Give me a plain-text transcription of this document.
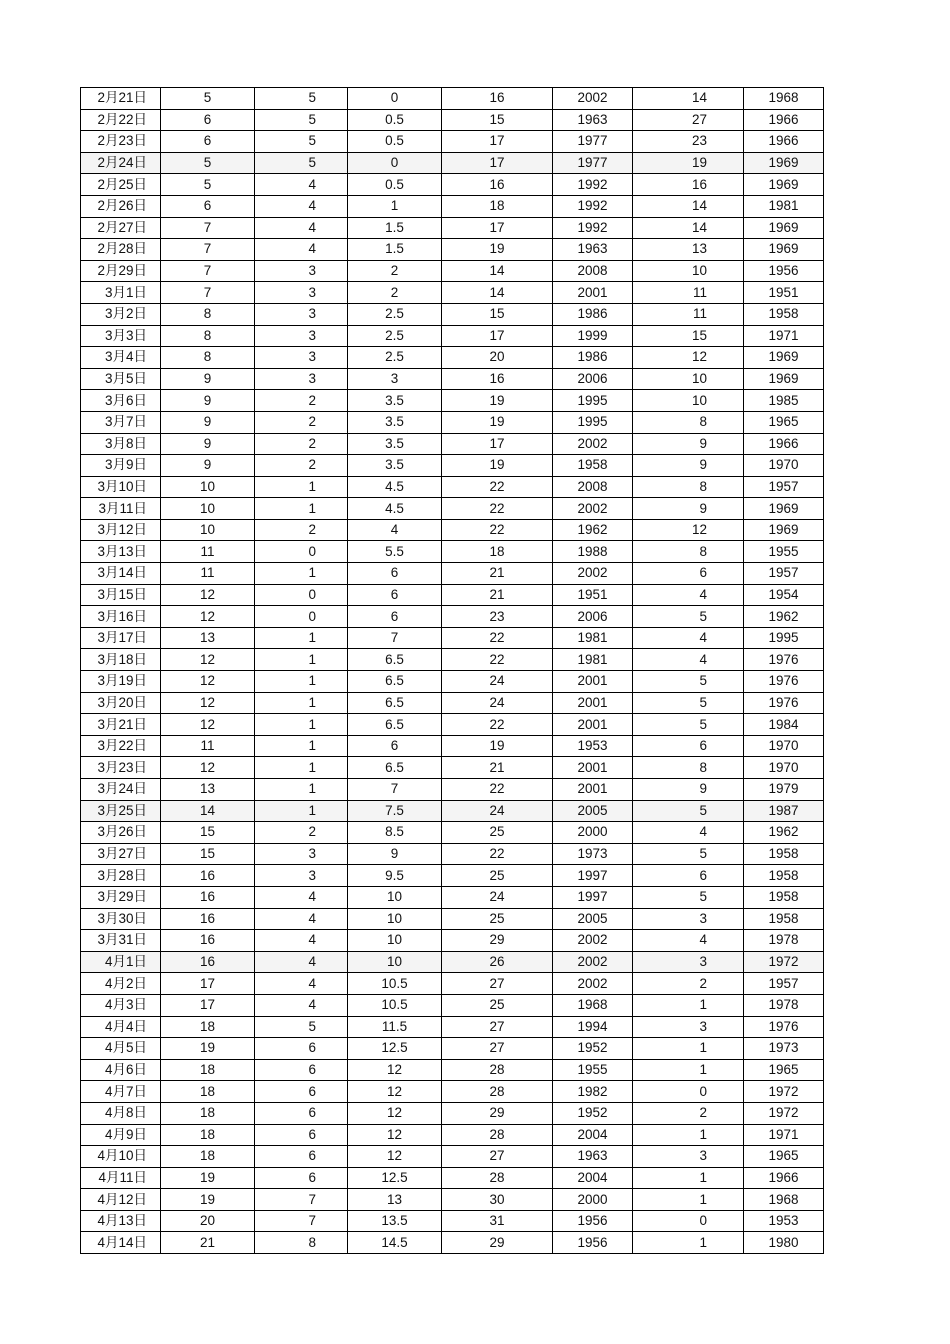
2月21日	5	5	0	16	2002	14	1968
2月22日	6	5	0.5	15	1963	27	1966
2月23日	6	5	0.5	17	1977	23	1966
2月24日	5	5	0	17	1977	19	1969
2月25日	5	4	0.5	16	1992	16	1969
2月26日	6	4	1	18	1992	14	1981
2月27日	7	4	1.5	17	1992	14	1969
2月28日	7	4	1.5	19	1963	13	1969
2月29日	7	3	2	14	2008	10	1956
3月1日	7	3	2	14	2001	11	1951
3月2日	8	3	2.5	15	1986	11	1958
3月3日	8	3	2.5	17	1999	15	1971
3月4日	8	3	2.5	20	1986	12	1969
3月5日	9	3	3	16	2006	10	1969
3月6日	9	2	3.5	19	1995	10	1985
3月7日	9	2	3.5	19	1995	8	1965
3月8日	9	2	3.5	17	2002	9	1966
3月9日	9	2	3.5	19	1958	9	1970
3月10日	10	1	4.5	22	2008	8	1957
3月11日	10	1	4.5	22	2002	9	1969
3月12日	10	2	4	22	1962	12	1969
3月13日	11	0	5.5	18	1988	8	1955
3月14日	11	1	6	21	2002	6	1957
3月15日	12	0	6	21	1951	4	1954
3月16日	12	0	6	23	2006	5	1962
3月17日	13	1	7	22	1981	4	1995
3月18日	12	1	6.5	22	1981	4	1976
3月19日	12	1	6.5	24	2001	5	1976
3月20日	12	1	6.5	24	2001	5	1976
3月21日	12	1	6.5	22	2001	5	1984
3月22日	11	1	6	19	1953	6	1970
3月23日	12	1	6.5	21	2001	8	1970
3月24日	13	1	7	22	2001	9	1979
3月25日	14	1	7.5	24	2005	5	1987
3月26日	15	2	8.5	25	2000	4	1962
3月27日	15	3	9	22	1973	5	1958
3月28日	16	3	9.5	25	1997	6	1958
3月29日	16	4	10	24	1997	5	1958
3月30日	16	4	10	25	2005	3	1958
3月31日	16	4	10	29	2002	4	1978
4月1日	16	4	10	26	2002	3	1972
4月2日	17	4	10.5	27	2002	2	1957
4月3日	17	4	10.5	25	1968	1	1978
4月4日	18	5	11.5	27	1994	3	1976
4月5日	19	6	12.5	27	1952	1	1973
4月6日	18	6	12	28	1955	1	1965
4月7日	18	6	12	28	1982	0	1972
4月8日	18	6	12	29	1952	2	1972
4月9日	18	6	12	28	2004	1	1971
4月10日	18	6	12	27	1963	3	1965
4月11日	19	6	12.5	28	2004	1	1966
4月12日	19	7	13	30	2000	1	1968
4月13日	20	7	13.5	31	1956	0	1953
4月14日	21	8	14.5	29	1956	1	1980
